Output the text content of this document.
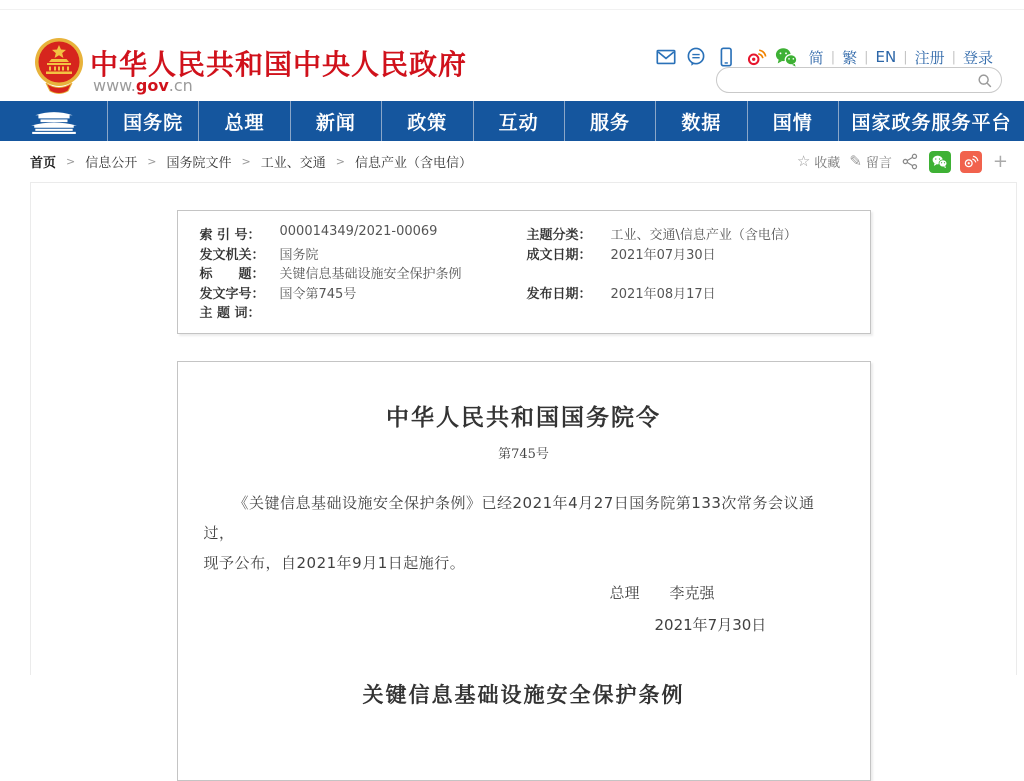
中华人民共和国中央人民政府
www.gov.cn
简 | 繁 | EN | 注册 | 登录
国务院	总理	新闻	政策	互动	服务	数据	国情	国家政务服务平台
首页 > 信息公开 > 国务院文件 > 工业、交通 > 信息产业（含电信）	☆ 收藏 ✎ 留言	+
索 引 号：	000014349/2021-00069	主题分类：	工业、交通\信息产业（含电信）
发文机关：	国务院	成文日期：	2021年07月30日
标　　题：	关键信息基础设施安全保护条例
发文字号：	国令第745号	发布日期：	2021年08月17日
主 题 词：
中华人民共和国国务院令
第745号
《关键信息基础设施安全保护条例》已经2021年4月27日国务院第133次常务会议通过，
现予公布，自2021年9月1日起施行。
总理　　李克强
2021年7月30日
关键信息基础设施安全保护条例
